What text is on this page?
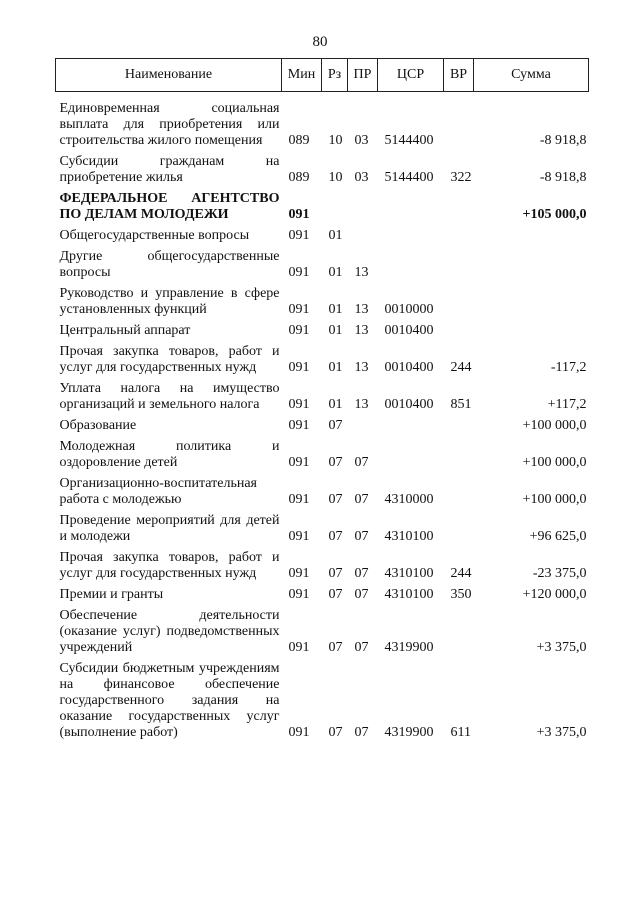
80
Наименование	Мин	Рз	ПР	ЦСР	ВР	Сумма

Единовременная социальная выплата для приобретения или строительства жилого помещения	089	10	03	5144400		-8 918,8
Субсидии гражданам на приобретение жилья	089	10	03	5144400	322	-8 918,8
ФЕДЕРАЛЬНОЕ АГЕНТСТВО ПО ДЕЛАМ МОЛОДЕЖИ	091					+105 000,0
Общегосударственные вопросы	091	01				
Другие общегосударственные вопросы	091	01	13			
Руководство и управление в сфере установленных функций	091	01	13	0010000		
Центральный аппарат	091	01	13	0010400		
Прочая закупка товаров, работ и услуг для государственных нужд	091	01	13	0010400	244	-117,2
Уплата налога на имущество организаций и земельного налога	091	01	13	0010400	851	+117,2
Образование	091	07				+100 000,0
Молодежная политика и оздоровление детей	091	07	07			+100 000,0
Организационно-воспитательная работа с молодежью	091	07	07	4310000		+100 000,0
Проведение мероприятий для детей и молодежи	091	07	07	4310100		+96 625,0
Прочая закупка товаров, работ и услуг для государственных нужд	091	07	07	4310100	244	-23 375,0
Премии и гранты	091	07	07	4310100	350	+120 000,0
Обеспечение деятельности (оказание услуг) подведомственных учреждений	091	07	07	4319900		+3 375,0
Субсидии бюджетным учреждениям на финансовое обеспечение государственного задания на оказание государственных услуг (выполнение работ)	091	07	07	4319900	611	+3 375,0
